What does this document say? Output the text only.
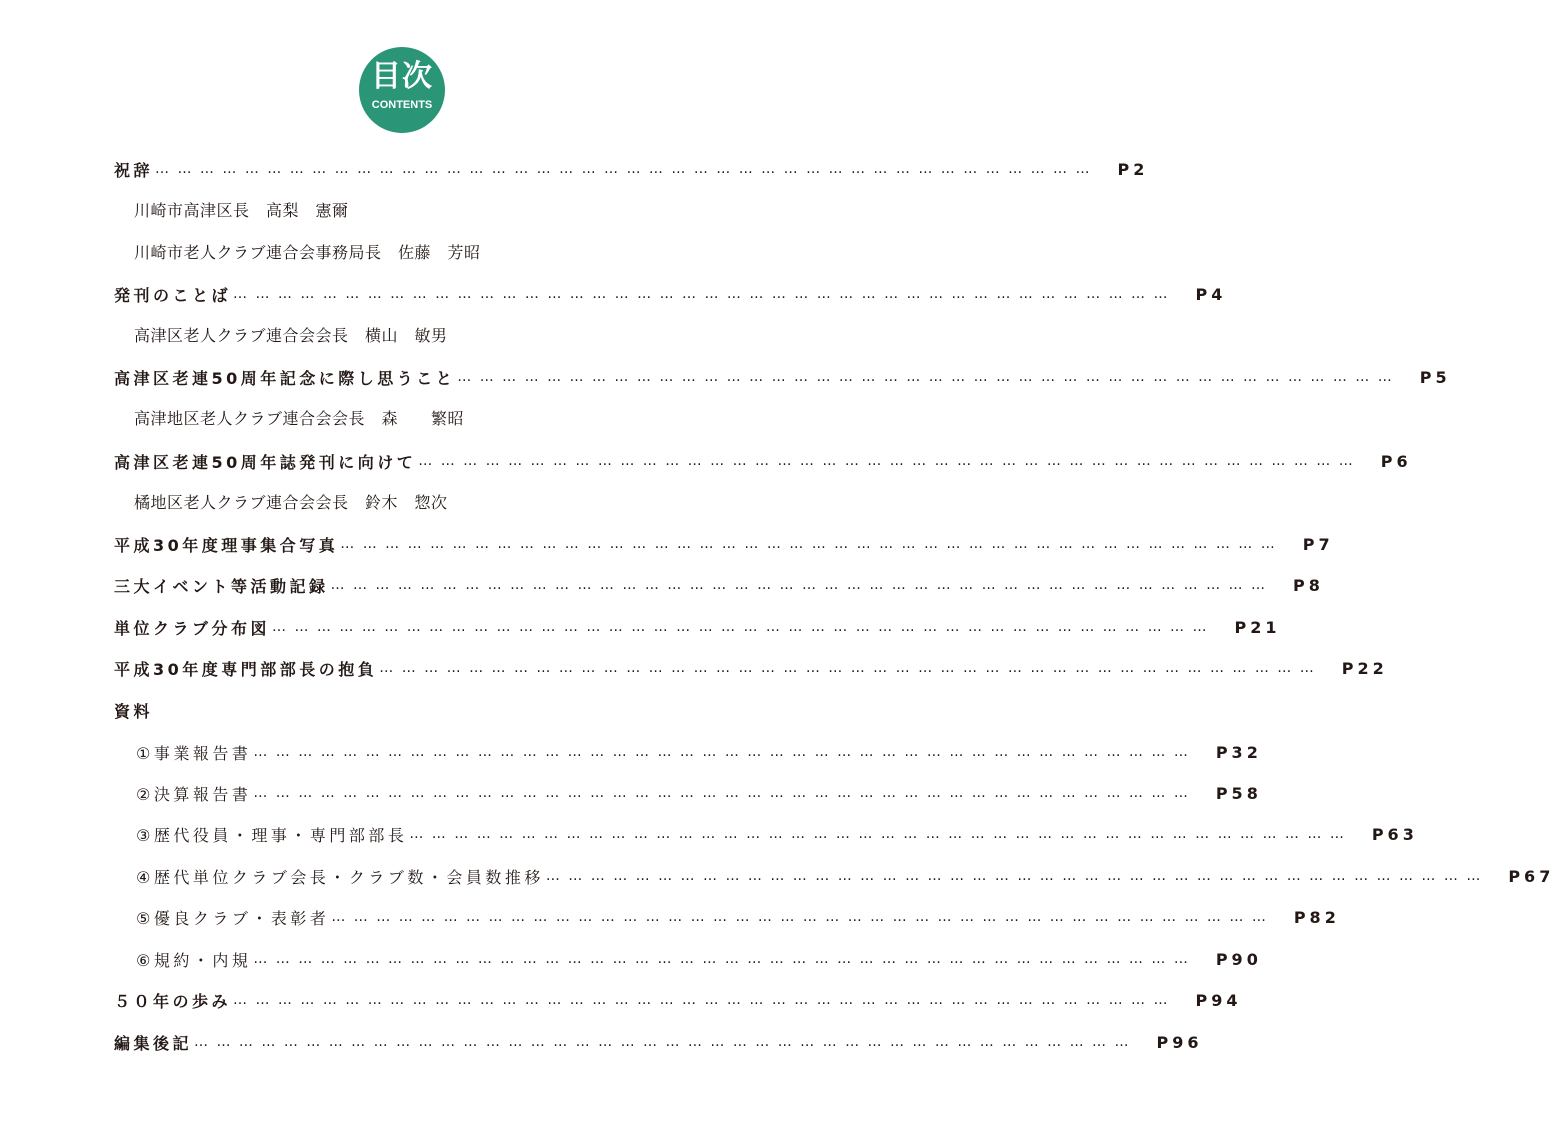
目次
CONTENTS
祝辞 … … … … … … … … … … … … … … … … … … … … … … … … … … … … … … … … … … … … … … … … … … P2
川崎市高津区長　高梨　憲爾
川崎市老人クラブ連合会事務局長　佐藤　芳昭
発刊のことば … … … … … … … … … … … … … … … … … … … … … … … … … … … … … … … … … … … … … … … … … … P4
高津区老人クラブ連合会会長　横山　敏男
高津区老連50周年記念に際し思うこと … … … … … … … … … … … … … … … … … … … … … … … … … … … … … … … … … … … … … … … … … … P5
高津地区老人クラブ連合会会長　森　　繁昭
高津区老連50周年誌発刊に向けて … … … … … … … … … … … … … … … … … … … … … … … … … … … … … … … … … … … … … … … … … … P6
橘地区老人クラブ連合会会長　鈴木　惣次
平成30年度理事集合写真 … … … … … … … … … … … … … … … … … … … … … … … … … … … … … … … … … … … … … … … … … … P7
三大イベント等活動記録 … … … … … … … … … … … … … … … … … … … … … … … … … … … … … … … … … … … … … … … … … … P8
単位クラブ分布図 … … … … … … … … … … … … … … … … … … … … … … … … … … … … … … … … … … … … … … … … … … P21
平成30年度専門部部長の抱負 … … … … … … … … … … … … … … … … … … … … … … … … … … … … … … … … … … … … … … … … … … P22
資料
①事業報告書 … … … … … … … … … … … … … … … … … … … … … … … … … … … … … … … … … … … … … … … … … … P32
②決算報告書 … … … … … … … … … … … … … … … … … … … … … … … … … … … … … … … … … … … … … … … … … … P58
③歴代役員・理事・専門部部長 … … … … … … … … … … … … … … … … … … … … … … … … … … … … … … … … … … … … … … … … … … P63
④歴代単位クラブ会長・クラブ数・会員数推移 … … … … … … … … … … … … … … … … … … … … … … … … … … … … … … … … … … … … … … … … … … P67
⑤優良クラブ・表彰者 … … … … … … … … … … … … … … … … … … … … … … … … … … … … … … … … … … … … … … … … … … P82
⑥規約・内規 … … … … … … … … … … … … … … … … … … … … … … … … … … … … … … … … … … … … … … … … … … P90
５０年の歩み … … … … … … … … … … … … … … … … … … … … … … … … … … … … … … … … … … … … … … … … … … P94
編集後記 … … … … … … … … … … … … … … … … … … … … … … … … … … … … … … … … … … … … … … … … … … P96
